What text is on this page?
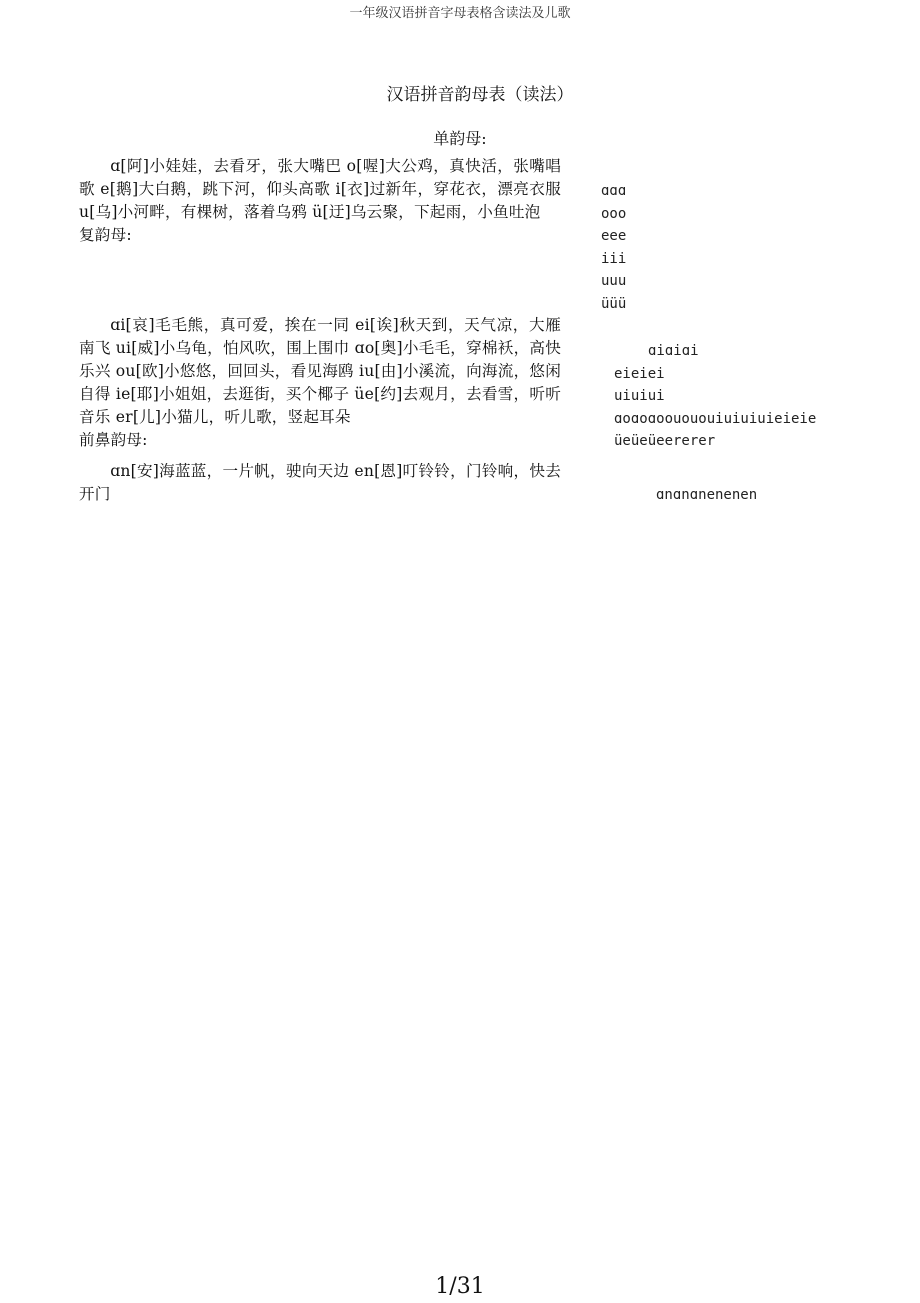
一年级汉语拼音字母表格含读法及儿歌
汉语拼音韵母表（读法）
单韵母:

ɑ[阿]小娃娃，去看牙，张大嘴巴 o[喔]大公鸡，真快活，张嘴唱歌 e[鹅]大白鹅，跳下河，仰头高歌 i[衣]过新年，穿花衣，漂亮衣服 u[乌]小河畔，有棵树，落着乌鸦 ü[迂]乌云聚，下起雨，小鱼吐泡

复韵母:

ɑɑɑ
ooo
eee
iii
uuu
üüü

ɑi[哀]毛毛熊，真可爱，挨在一同 ei[诶]秋天到，天气凉，大雁南飞 ui[威]小乌龟，怕风吹，围上围巾 ɑo[奥]小毛毛，穿棉袄，高快乐兴 ou[欧]小悠悠，回回头，看见海鸥 iu[由]小溪流，向海流，悠闲自得 ie[耶]小姐姐，去逛街，买个椰子 üe[约]去观月，去看雪，听听音乐 er[儿]小猫儿，听儿歌，竖起耳朵

前鼻韵母:

ɑiɑiɑi
eieiei
uiuiui
ɑoɑoɑoouououiuiuiuieieie
üeüeüeererer

ɑn[安]海蓝蓝，一片帆，驶向天边 en[恩]叮铃铃，门铃响，快去开门	ɑnɑnɑnenenen
1/31
